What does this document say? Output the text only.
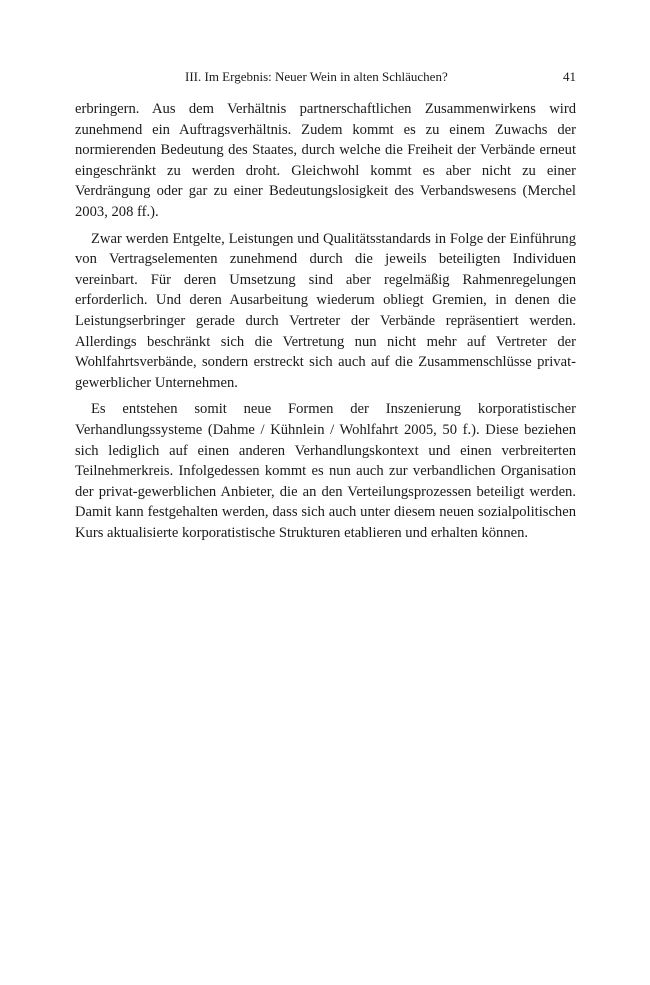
III. Im Ergebnis: Neuer Wein in alten Schläuchen?	41

erbringern. Aus dem Verhältnis partnerschaftlichen Zusammenwirkens wird zunehmend ein Auftragsverhältnis. Zudem kommt es zu einem Zuwachs der normierenden Bedeutung des Staates, durch welche die Freiheit der Verbände erneut eingeschränkt zu werden droht. Gleichwohl kommt es aber nicht zu einer Verdrängung oder gar zu einer Bedeutungslosigkeit des Verbandswesens (Merchel 2003, 208 ff.).

Zwar werden Entgelte, Leistungen und Qualitätsstandards in Folge der Einführung von Vertragselementen zunehmend durch die jeweils beteiligten Individuen vereinbart. Für deren Umsetzung sind aber regelmäßig Rahmenregelungen erforderlich. Und deren Ausarbeitung wiederum obliegt Gremien, in denen die Leistungserbringer gerade durch Vertreter der Verbände repräsentiert werden. Allerdings beschränkt sich die Vertretung nun nicht mehr auf Vertreter der Wohlfahrtsverbände, sondern erstreckt sich auch auf die Zusammenschlüsse privat-gewerblicher Unternehmen.

Es entstehen somit neue Formen der Inszenierung korporatistischer Verhandlungssysteme (Dahme / Kühnlein / Wohlfahrt 2005, 50 f.). Diese beziehen sich lediglich auf einen anderen Verhandlungskontext und einen verbreiterten Teilnehmerkreis. Infolgedessen kommt es nun auch zur verbandlichen Organisation der privat-gewerblichen Anbieter, die an den Verteilungsprozessen beteiligt werden. Damit kann festgehalten werden, dass sich auch unter diesem neuen sozialpolitischen Kurs aktualisierte korporatistische Strukturen etablieren und erhalten können.
